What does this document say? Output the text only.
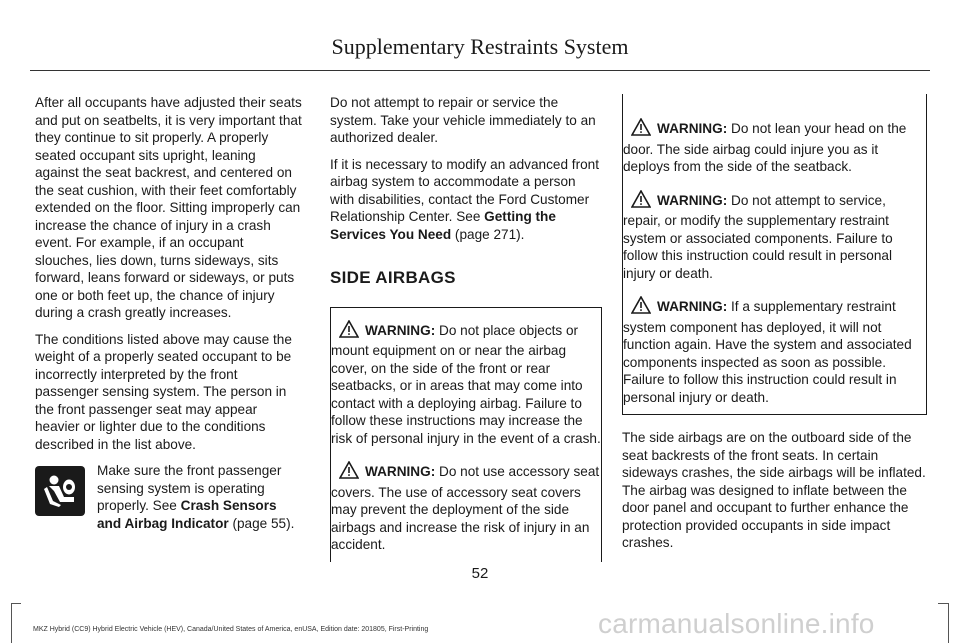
Supplementary Restraints System

After all occupants have adjusted their seats and put on seatbelts, it is very important that they continue to sit properly. A properly seated occupant sits upright, leaning against the seat backrest, and centered on the seat cushion, with their feet comfortably extended on the floor. Sitting improperly can increase the chance of injury in a crash event. For example, if an occupant slouches, lies down, turns sideways, sits forward, leans forward or sideways, or puts one or both feet up, the chance of injury during a crash greatly increases.

The conditions listed above may cause the weight of a properly seated occupant to be incorrectly interpreted by the front passenger sensing system. The person in the front passenger seat may appear heavier or lighter due to the conditions described in the list above.

Make sure the front passenger sensing system is operating properly. See Crash Sensors and Airbag Indicator (page 55).

Do not attempt to repair or service the system. Take your vehicle immediately to an authorized dealer.

If it is necessary to modify an advanced front airbag system to accommodate a person with disabilities, contact the Ford Customer Relationship Center. See Getting the Services You Need (page 271).

SIDE AIRBAGS

WARNING: Do not place objects or mount equipment on or near the airbag cover, on the side of the front or rear seatbacks, or in areas that may come into contact with a deploying airbag. Failure to follow these instructions may increase the risk of personal injury in the event of a crash.

WARNING: Do not use accessory seat covers. The use of accessory seat covers may prevent the deployment of the side airbags and increase the risk of injury in an accident.

WARNING: Do not lean your head on the door. The side airbag could injure you as it deploys from the side of the seatback.

WARNING: Do not attempt to service, repair, or modify the supplementary restraint system or associated components. Failure to follow this instruction could result in personal injury or death.

WARNING: If a supplementary restraint system component has deployed, it will not function again. Have the system and associated components inspected as soon as possible. Failure to follow this instruction could result in personal injury or death.

The side airbags are on the outboard side of the seat backrests of the front seats. In certain sideways crashes, the side airbags will be inflated. The airbag was designed to inflate between the door panel and occupant to further enhance the protection provided occupants in side impact crashes.

52
MKZ Hybrid (CC9) Hybrid Electric Vehicle (HEV), Canada/United States of America, enUSA, Edition date: 201805, First-Printing	carmanualsonline.info
